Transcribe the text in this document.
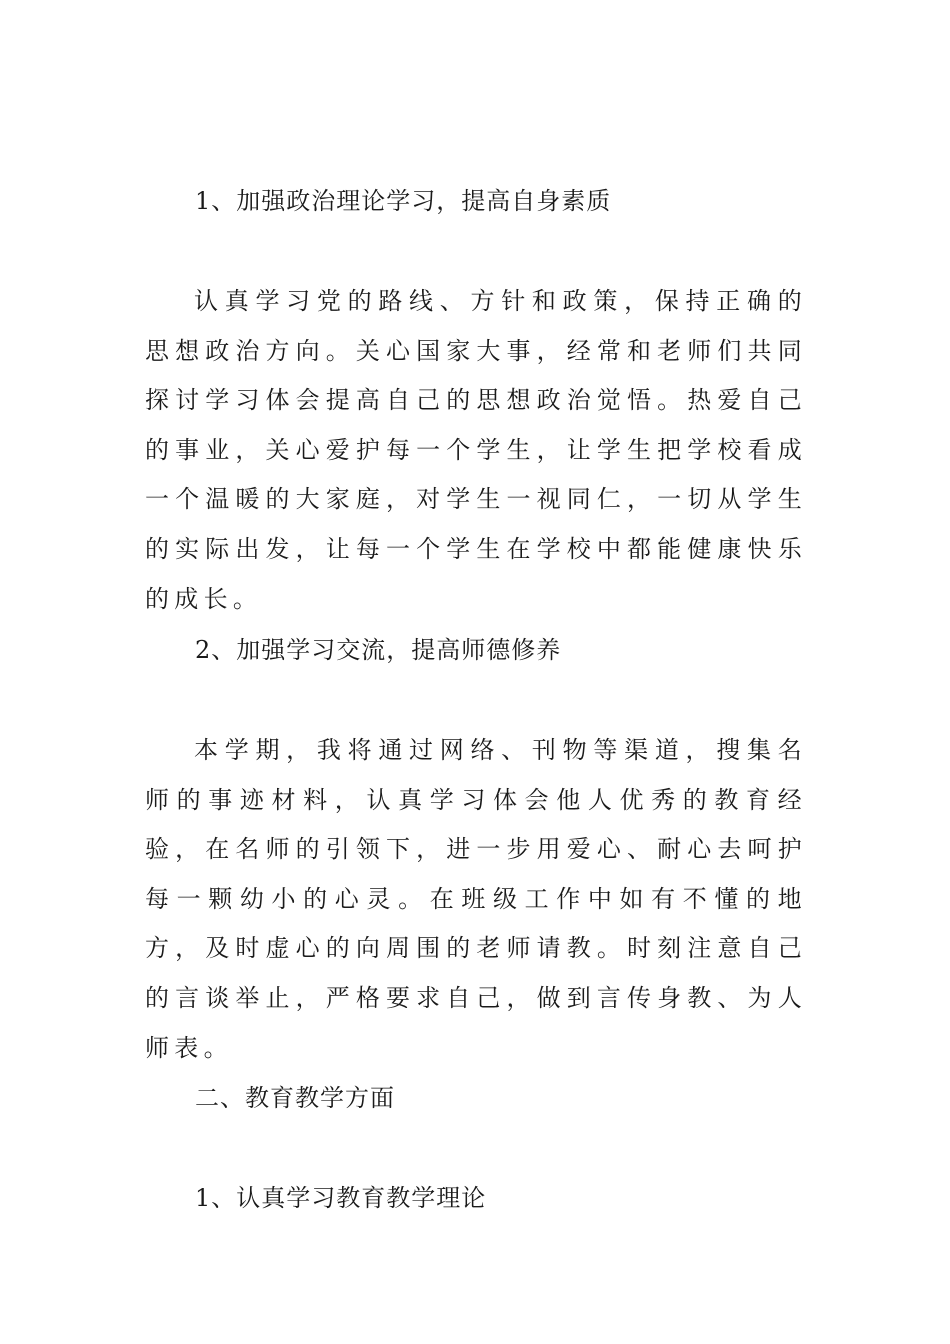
1、加强政治理论学习，提高自身素质

认真学习党的路线、方针和政策，保持正确的思想政治方向。关心国家大事，经常和老师们共同探讨学习体会提高自己的思想政治觉悟。热爱自己的事业，关心爱护每一个学生，让学生把学校看成一个温暖的大家庭，对学生一视同仁，一切从学生的实际出发，让每一个学生在学校中都能健康快乐的成长。

2、加强学习交流，提高师德修养

本学期，我将通过网络、刊物等渠道，搜集名师的事迹材料，认真学习体会他人优秀的教育经验，在名师的引领下，进一步用爱心、耐心去呵护每一颗幼小的心灵。在班级工作中如有不懂的地方，及时虚心的向周围的老师请教。时刻注意自己的言谈举止，严格要求自己，做到言传身教、为人师表。

二、教育教学方面
1、认真学习教育教学理论
